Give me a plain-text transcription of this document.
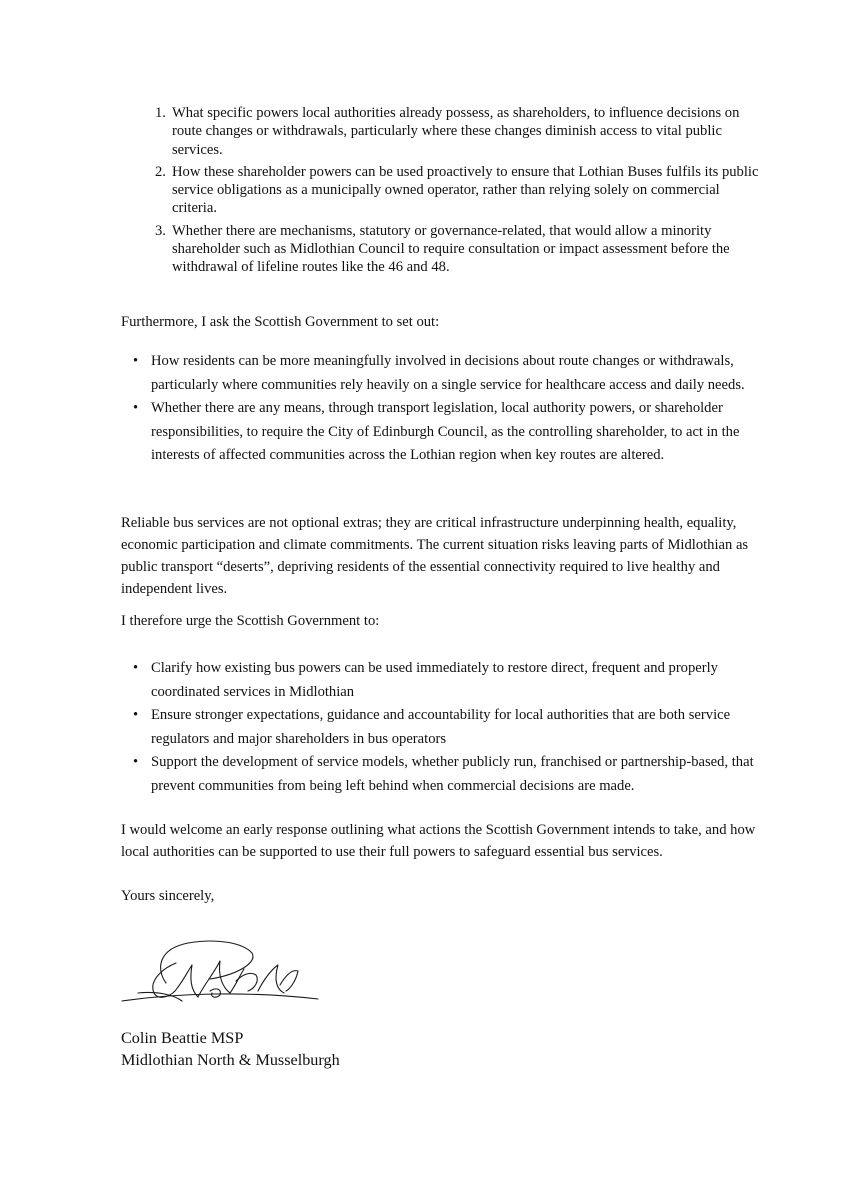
1. What specific powers local authorities already possess, as shareholders, to influence decisions on route changes or withdrawals, particularly where these changes diminish access to vital public services.
2. How these shareholder powers can be used proactively to ensure that Lothian Buses fulfils its public service obligations as a municipally owned operator, rather than relying solely on commercial criteria.
3. Whether there are mechanisms, statutory or governance-related, that would allow a minority shareholder such as Midlothian Council to require consultation or impact assessment before the withdrawal of lifeline routes like the 46 and 48.

Furthermore, I ask the Scottish Government to set out:

• How residents can be more meaningfully involved in decisions about route changes or withdrawals, particularly where communities rely heavily on a single service for healthcare access and daily needs.
• Whether there are any means, through transport legislation, local authority powers, or shareholder responsibilities, to require the City of Edinburgh Council, as the controlling shareholder, to act in the interests of affected communities across the Lothian region when key routes are altered.

Reliable bus services are not optional extras; they are critical infrastructure underpinning health, equality, economic participation and climate commitments. The current situation risks leaving parts of Midlothian as public transport “deserts”, depriving residents of the essential connectivity required to live healthy and independent lives.

I therefore urge the Scottish Government to:

• Clarify how existing bus powers can be used immediately to restore direct, frequent and properly coordinated services in Midlothian
• Ensure stronger expectations, guidance and accountability for local authorities that are both service regulators and major shareholders in bus operators
• Support the development of service models, whether publicly run, franchised or partnership-based, that prevent communities from being left behind when commercial decisions are made.

I would welcome an early response outlining what actions the Scottish Government intends to take, and how local authorities can be supported to use their full powers to safeguard essential bus services.

Yours sincerely,

Colin Beattie MSP
Midlothian North & Musselburgh
